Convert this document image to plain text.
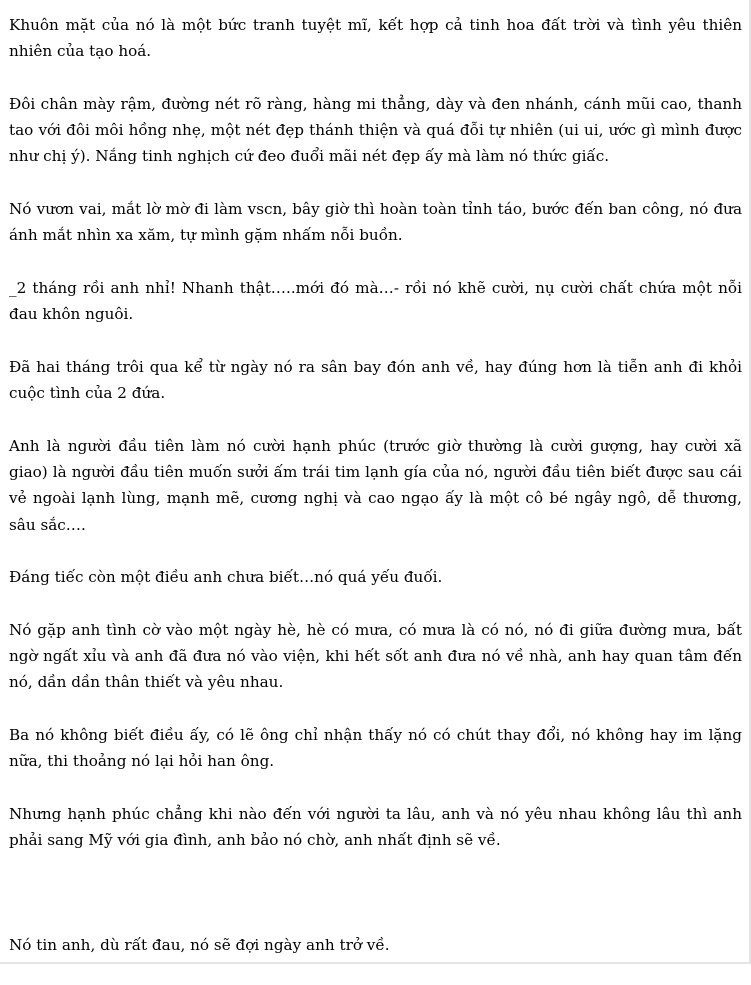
Khuôn mặt của nó là một bức tranh tuyệt mĩ, kết hợp cả tinh hoa đất trời và tình yêu thiên nhiên của tạo hoá.

Đôi chân mày rậm, đường nét rõ ràng, hàng mi thẳng, dày và đen nhánh, cánh mũi cao, thanh tao với đôi môi hồng nhẹ, một nét đẹp thánh thiện và quá đỗi tự nhiên (ui ui, ước gì mình được như chị ý). Nắng tinh nghịch cứ đeo đuổi mãi nét đẹp ấy mà làm nó thức giấc.

Nó vươn vai, mắt lờ mờ đi làm vscn, bây giờ thì hoàn toàn tỉnh táo, bước đến ban công, nó đưa ánh mắt nhìn xa xăm, tự mình gặm nhấm nỗi buồn.

_2 tháng rồi anh nhỉ! Nhanh thật…..mới đó mà…- rồi nó khẽ cười, nụ cười chất chứa một nỗi đau khôn nguôi.

Đã hai tháng trôi qua kể từ ngày nó ra sân bay đón anh về, hay đúng hơn là tiễn anh đi khỏi cuộc tình của 2 đứa.

Anh là người đầu tiên làm nó cười hạnh phúc (trước giờ thường là cười gượng, hay cười xã giao) là người đầu tiên muốn sưởi ấm trái tim lạnh gía của nó, người đầu tiên biết được sau cái vẻ ngoài lạnh lùng, mạnh mẽ, cương nghị và cao ngạo ấy là một cô bé ngây ngô, dễ thương, sâu sắc….

Đáng tiếc còn một điều anh chưa biết…nó quá yếu đuối.

Nó gặp anh tình cờ vào một ngày hè, hè có mưa, có mưa là có nó, nó đi giữa đường mưa, bất ngờ ngất xỉu và anh đã đưa nó vào viện, khi hết sốt anh đưa nó về nhà, anh hay quan tâm đến nó, dần dần thân thiết và yêu nhau.

Ba nó không biết điều ấy, có lẽ ông chỉ nhận thấy nó có chút thay đổi, nó không hay im lặng nữa, thi thoảng nó lại hỏi han ông.

Nhưng hạnh phúc chẳng khi nào đến với người ta lâu, anh và nó yêu nhau không lâu thì anh phải sang Mỹ với gia đình, anh bảo nó chờ, anh nhất định sẽ về.

Nó tin anh, dù rất đau, nó sẽ đợi ngày anh trở về.
